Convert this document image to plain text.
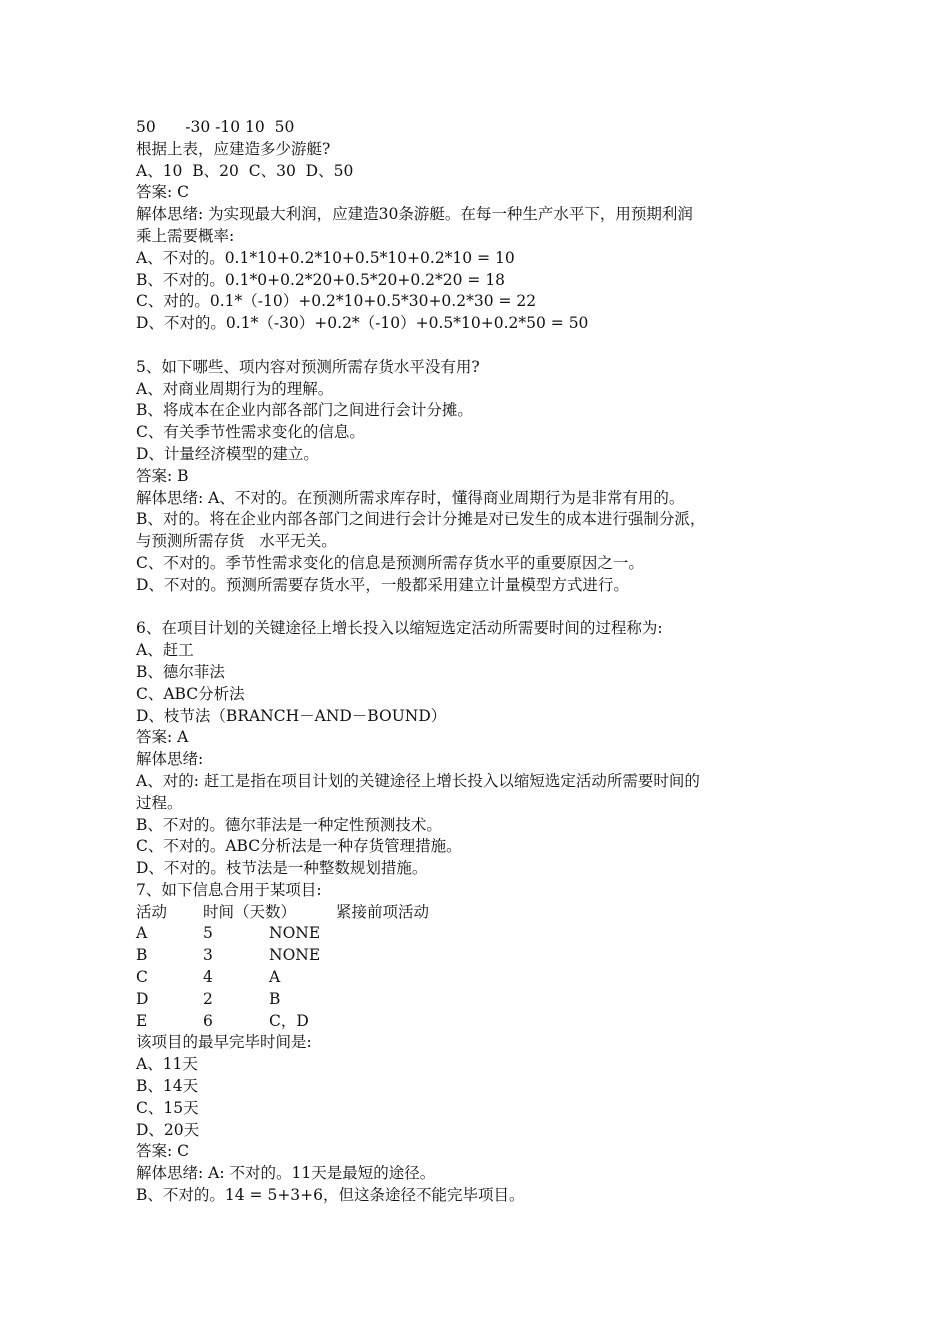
50      -30 -10 10  50
根据上表，应建造多少游艇?
A、10  B、20  C、30  D、50
答案: C
解体思绪: 为实现最大利润，应建造30条游艇。在每一种生产水平下，用预期利润
乘上需要概率:
A、不对的。0.1*10+0.2*10+0.5*10+0.2*10 = 10
B、不对的。0.1*0+0.2*20+0.5*20+0.2*20 = 18
C、对的。0.1*（-10）+0.2*10+0.5*30+0.2*30 = 22
D、不对的。0.1*（-30）+0.2*（-10）+0.5*10+0.2*50 = 50
5、如下哪些、项内容对预测所需存货水平没有用?
A、对商业周期行为的理解。
B、将成本在企业内部各部门之间进行会计分摊。
C、有关季节性需求变化的信息。
D、计量经济模型的建立。
答案: B
解体思绪: A、不对的。在预测所需求库存时，懂得商业周期行为是非常有用的。
B、对的。将在企业内部各部门之间进行会计分摊是对已发生的成本进行强制分派，
与预测所需存货   水平无关。
C、不对的。季节性需求变化的信息是预测所需存货水平的重要原因之一。
D、不对的。预测所需要存货水平，一般都采用建立计量模型方式进行。
6、在项目计划的关键途径上增长投入以缩短选定活动所需要时间的过程称为:
A、赶工
B、德尔菲法
C、ABC分析法
D、枝节法（BRANCH－AND－BOUND）
答案: A
解体思绪:
A、对的: 赶工是指在项目计划的关键途径上增长投入以缩短选定活动所需要时间的
过程。
B、不对的。德尔菲法是一种定性预测技术。
C、不对的。ABC分析法是一种存货管理措施。
D、不对的。枝节法是一种整数规划措施。
7、如下信息合用于某项目:
活动	时间（天数）	紧接前项活动
A	5	NONE
B	3	NONE
C	4	A
D	2	B
E	6	C，D
该项目的最早完毕时间是:
A、11天
B、14天
C、15天
D、20天
答案: C
解体思绪: A: 不对的。11天是最短的途径。
B、不对的。14 = 5+3+6，但这条途径不能完毕项目。
